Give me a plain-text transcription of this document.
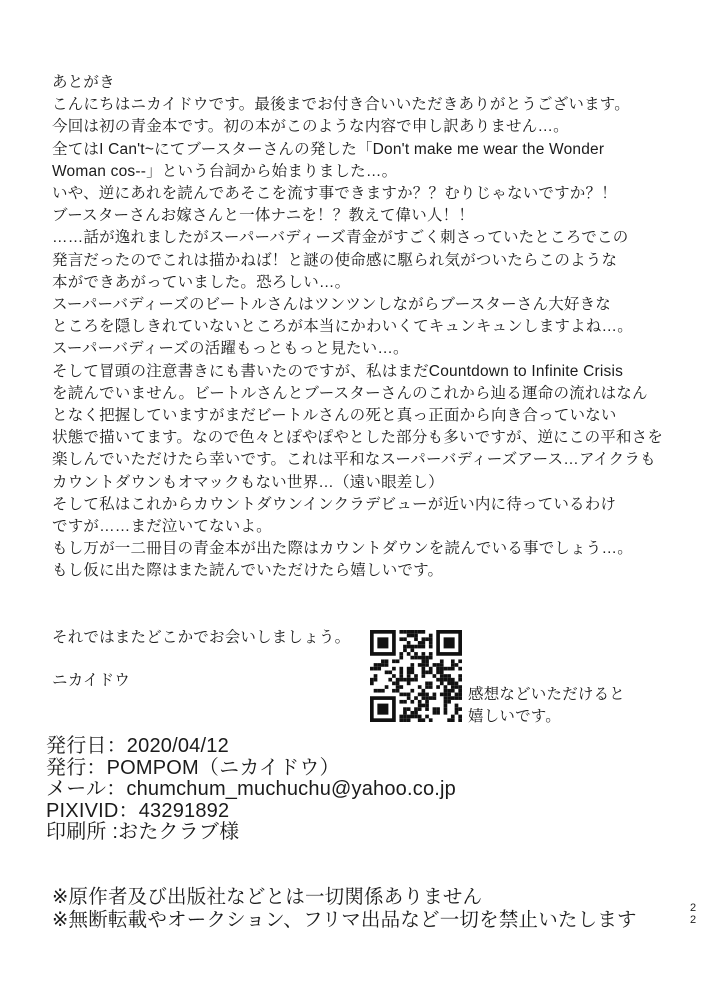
あとがき
こんにちはニカイドウです。最後までお付き合いいただきありがとうございます。
今回は初の青金本です。初の本がこのような内容で申し訳ありません…。
全てはI Can't~にてブースターさんの発した「Don't make me wear the Wonder
Woman cos--」という台詞から始まりました…。
いや、逆にあれを読んであそこを流す事できますか？？むりじゃないですか？！
ブースターさんお嫁さんと一体ナニを！？教えて偉い人！！
……話が逸れましたがスーパーバディーズ青金がすごく刺さっていたところでこの
発言だったのでこれは描かねば！と謎の使命感に駆られ気がついたらこのような
本ができあがっていました。恐ろしい…。
スーパーバディーズのビートルさんはツンツンしながらブースターさん大好きな
ところを隠しきれていないところが本当にかわいくてキュンキュンしますよね…。
スーパーバディーズの活躍もっともっと見たい…。
そして冒頭の注意書きにも書いたのですが、私はまだCountdown to Infinite Crisis
を読んでいません。ビートルさんとブースターさんのこれから辿る運命の流れはなん
となく把握していますがまだビートルさんの死と真っ正面から向き合っていない
状態で描いてます。なので色々とぽやぽやとした部分も多いですが、逆にこの平和さを
楽しんでいただけたら幸いです。これは平和なスーパーバディーズアース…アイクラも
カウントダウンもオマックもない世界…（遠い眼差し）
そして私はこれからカウントダウンインクラデビューが近い内に待っているわけ
ですが……まだ泣いてないよ。
もし万が一二冊目の青金本が出た際はカウントダウンを読んでいる事でしょう…。
もし仮に出た際はまた読んでいただけたら嬉しいです。
それではまたどこかでお会いしましょう。
ニカイドウ
感想などいただけると
嬉しいです。
発行日：2020/04/12
発行：POMPOM（ニカイドウ）
メール：chumchum_muchuchu@yahoo.co.jp
PIXIVID：43291892
印刷所 :おたクラブ様
※原作者及び出版社などとは一切関係ありません
※無断転載やオークション、フリマ出品など一切を禁止いたします
22
